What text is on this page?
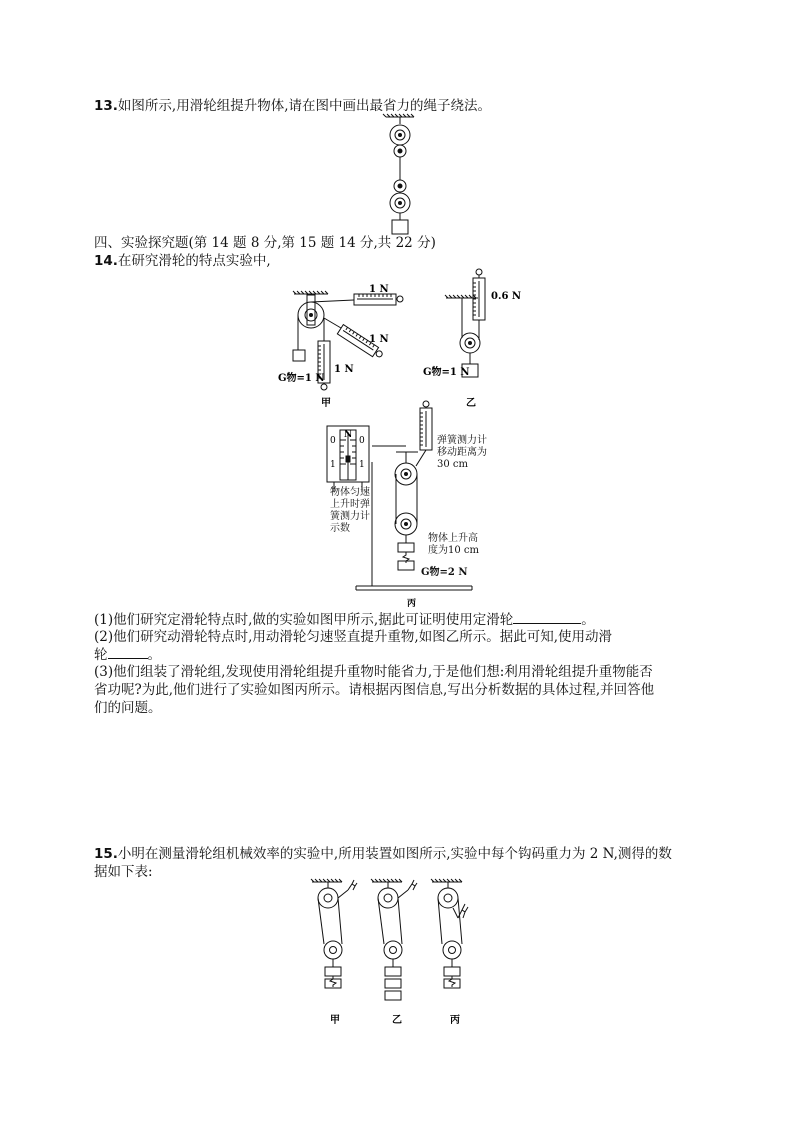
13.如图所示,用滑轮组提升物体,请在图中画出最省力的绳子绕法。
四、实验探究题(第 14 题 8 分,第 15 题 14 分,共 22 分)
14.在研究滑轮的特点实验中,
1 N
1 N
1 N
G物=1 N
甲
0.6 N
G物=1 N
乙
N
0	0
1	1
丙
物体匀速上升时弹簧测力计示数
弹簧测力计移动距离为30 cm
物体上升高度为10 cm
G物=2 N
(1)他们研究定滑轮特点时,做的实验如图甲所示,据此可证明使用定滑轮	。
(2)他们研究动滑轮特点时,用动滑轮匀速竖直提升重物,如图乙所示。据此可知,使用动滑
轮	。
(3)他们组装了滑轮组,发现使用滑轮组提升重物时能省力,于是他们想:利用滑轮组提升重物能否
省功呢?为此,他们进行了实验如图丙所示。请根据丙图信息,写出分析数据的具体过程,并回答他
们的问题。
15.小明在测量滑轮组机械效率的实验中,所用装置如图所示,实验中每个钩码重力为 2 N,测得的数
据如下表:
甲	乙	丙
